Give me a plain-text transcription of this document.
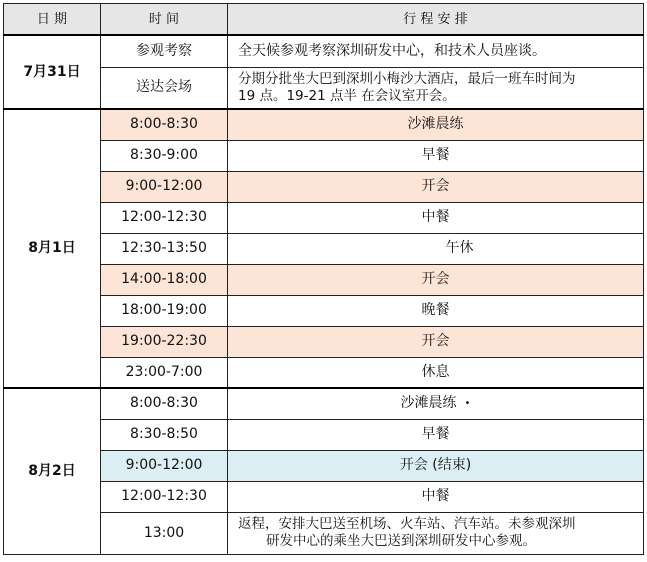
日 期	时 间	行 程 安 排
7月31日	参观考察	全天候参观考察深圳研发中心，和技术人员座谈。
	送达会场	分期分批坐大巴到深圳小梅沙大酒店，最后一班车时间为
19 点。19-21 点半 在会议室开会。

8月1日	8:00-8:30	沙滩晨练
	8:30-9:00	早餐
	9:00-12:00	开会
	12:00-12:30	中餐
	12:30-13:50	午休
	14:00-18:00	开会
	18:00-19:00	晚餐
	19:00-22:30	开会
	23:00-7:00	休息
8月2日	8:00-8:30	沙滩晨练 •
	8:30-8:50	早餐
	9:00-12:00	开会 (结束)
	12:00-12:30	中餐
	13:00	返程，安排大巴送至机场、火车站、汽车站。未参观深圳
研发中心的乘坐大巴送到深圳研发中心参观。
